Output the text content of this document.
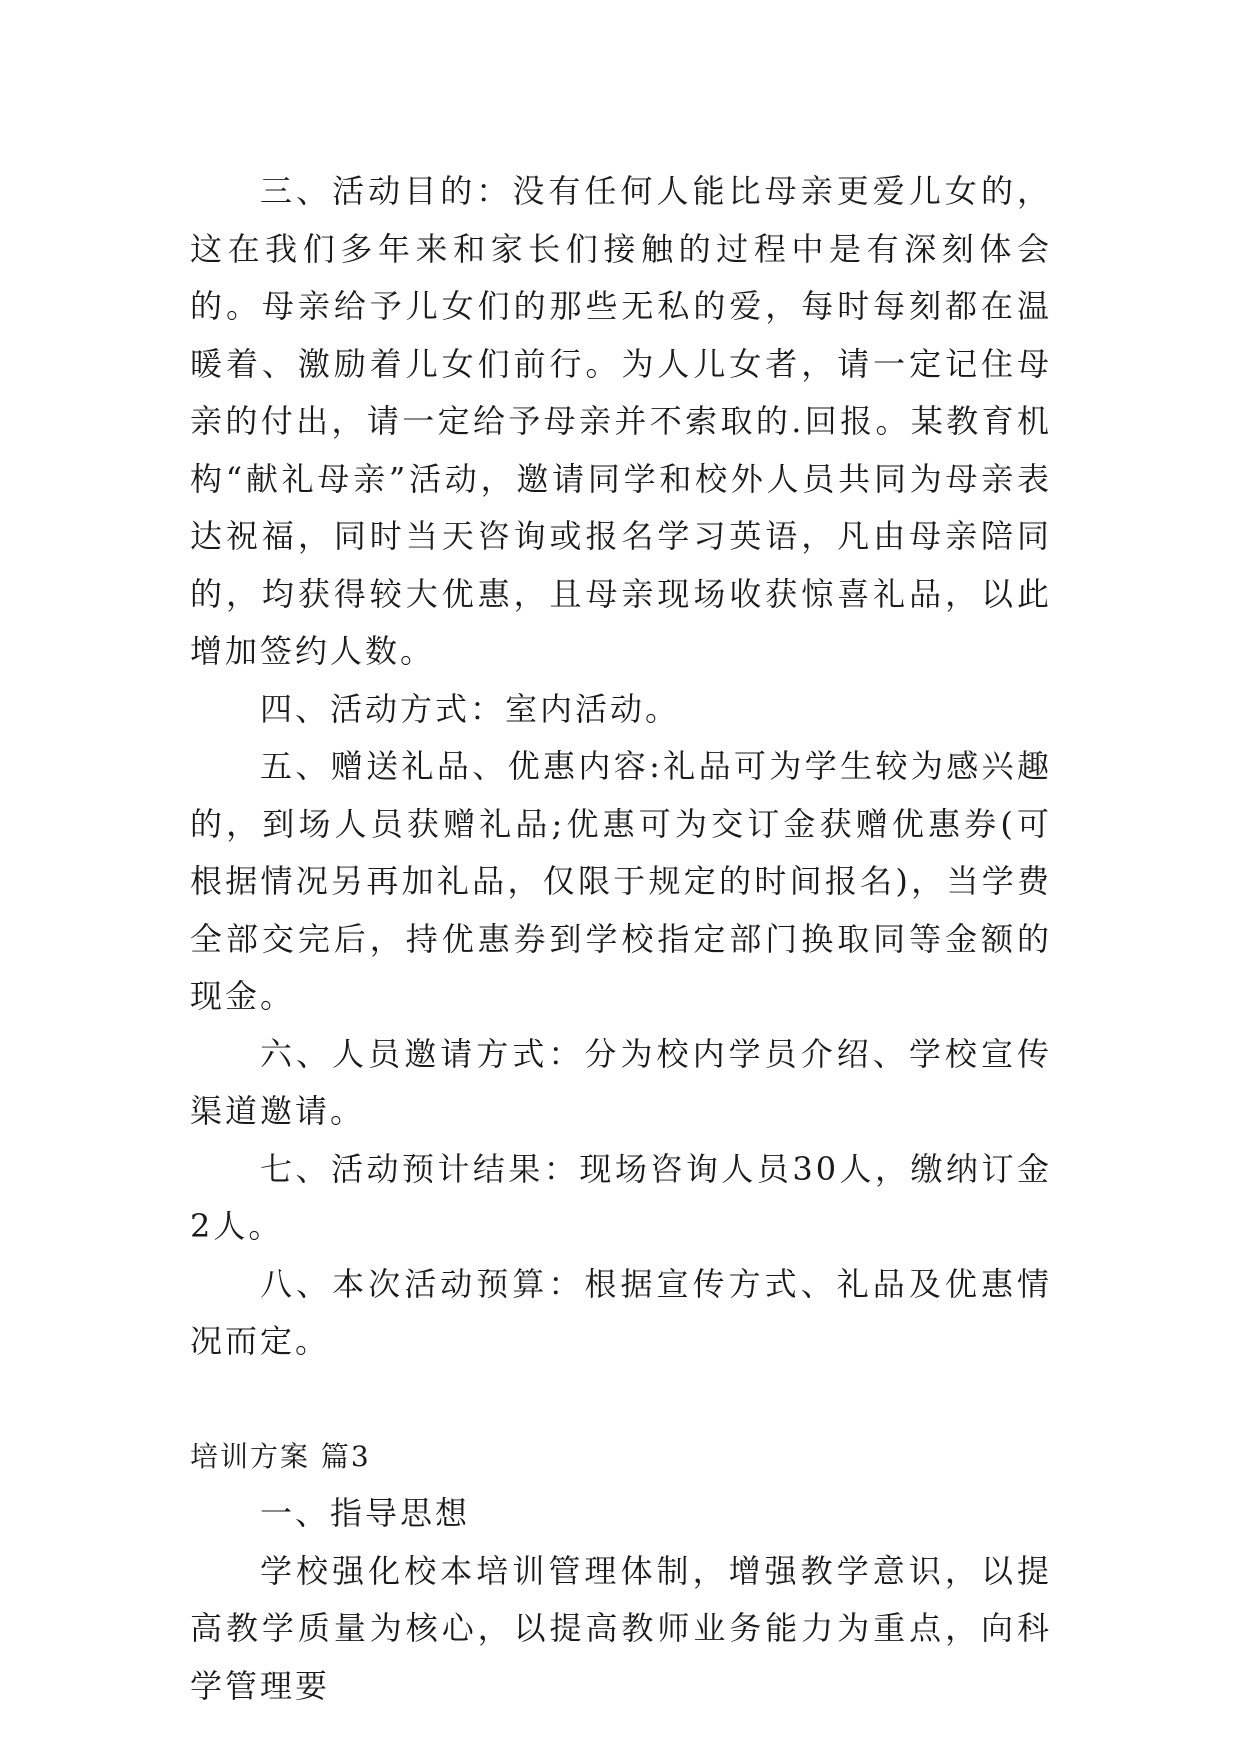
三、活动目的：没有任何人能比母亲更爱儿女的，这在我们多年来和家长们接触的过程中是有深刻体会的。母亲给予儿女们的那些无私的爱，每时每刻都在温暖着、激励着儿女们前行。为人儿女者，请一定记住母亲的付出，请一定给予母亲并不索取的.回报。某教育机构“献礼母亲”活动，邀请同学和校外人员共同为母亲表达祝福，同时当天咨询或报名学习英语，凡由母亲陪同的，均获得较大优惠，且母亲现场收获惊喜礼品，以此增加签约人数。

四、活动方式：室内活动。

五、赠送礼品、优惠内容:礼品可为学生较为感兴趣的，到场人员获赠礼品;优惠可为交订金获赠优惠券(可根据情况另再加礼品，仅限于规定的时间报名)，当学费全部交完后，持优惠券到学校指定部门换取同等金额的现金。

六、人员邀请方式：分为校内学员介绍、学校宣传渠道邀请。

七、活动预计结果：现场咨询人员30人，缴纳订金2人。

八、本次活动预算：根据宣传方式、礼品及优惠情况而定。

培训方案 篇3

一、指导思想

学校强化校本培训管理体制，增强教学意识，以提高教学质量为核心，以提高教师业务能力为重点，向科学管理要
